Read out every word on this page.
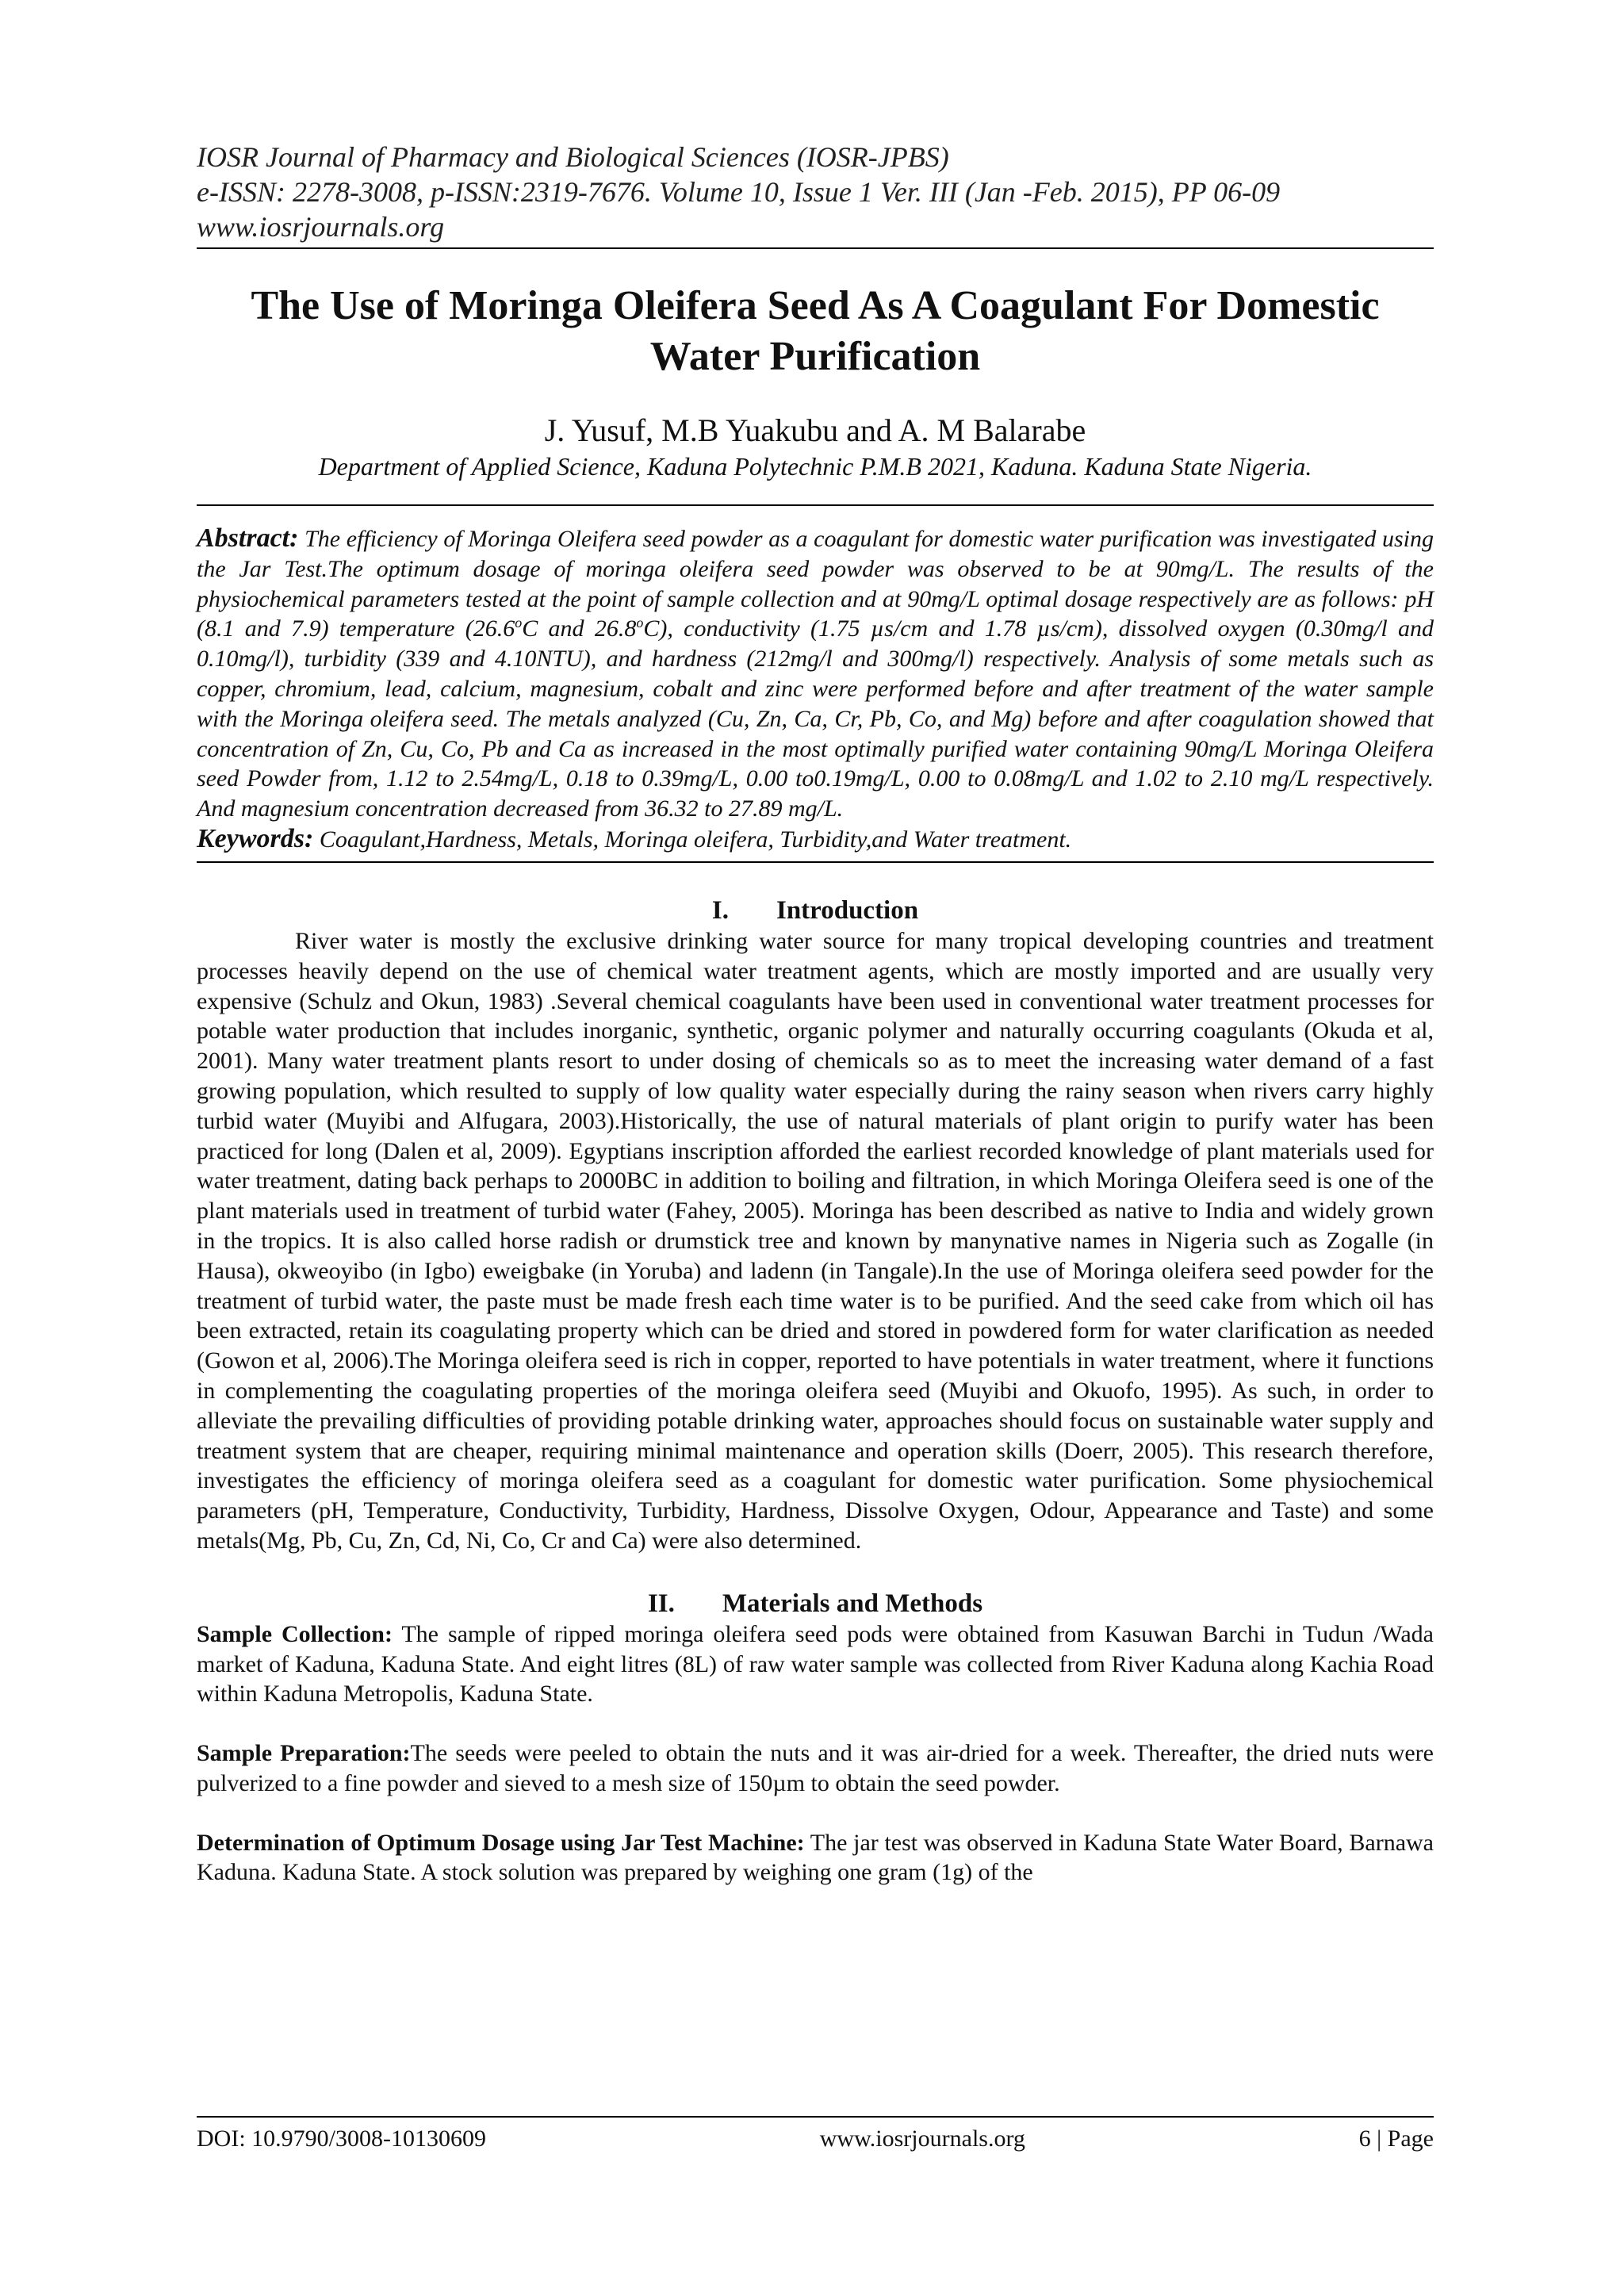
IOSR Journal of Pharmacy and Biological Sciences (IOSR-JPBS)
e-ISSN: 2278-3008, p-ISSN:2319-7676. Volume 10, Issue 1 Ver. III (Jan -Feb. 2015), PP 06-09
www.iosrjournals.org
The Use of Moringa Oleifera Seed As A Coagulant For Domestic Water Purification
J. Yusuf, M.B Yuakubu and A. M Balarabe
Department of Applied Science, Kaduna Polytechnic P.M.B 2021, Kaduna. Kaduna State Nigeria.
Abstract: The efficiency of Moringa Oleifera seed powder as a coagulant for domestic water purification was investigated using the Jar Test.The optimum dosage of moringa oleifera seed powder was observed to be at 90mg/L. The results of the physiochemical parameters tested at the point of sample collection and at 90mg/L optimal dosage respectively are as follows: pH (8.1 and 7.9) temperature (26.6$^o$C and 26.8$^o$C), conductivity (1.75 µs/cm and 1.78 µs/cm), dissolved oxygen (0.30mg/l and 0.10mg/l), turbidity (339 and 4.10NTU), and hardness (212mg/l and 300mg/l) respectively. Analysis of some metals such as copper, chromium, lead, calcium, magnesium, cobalt and zinc were performed before and after treatment of the water sample with the Moringa oleifera seed. The metals analyzed (Cu, Zn, Ca, Cr, Pb, Co, and Mg) before and after coagulation showed that concentration of Zn, Cu, Co, Pb and Ca as increased in the most optimally purified water containing 90mg/L Moringa Oleifera seed Powder from, 1.12 to 2.54mg/L, 0.18 to 0.39mg/L, 0.00 to0.19mg/L, 0.00 to 0.08mg/L and 1.02 to 2.10 mg/L respectively. And magnesium concentration decreased from 36.32 to 27.89 mg/L.
Keywords: Coagulant,Hardness, Metals, Moringa oleifera, Turbidity,and Water treatment.
I. Introduction
River water is mostly the exclusive drinking water source for many tropical developing countries and treatment processes heavily depend on the use of chemical water treatment agents, which are mostly imported and are usually very expensive (Schulz and Okun, 1983) .Several chemical coagulants have been used in conventional water treatment processes for potable water production that includes inorganic, synthetic, organic polymer and naturally occurring coagulants (Okuda et al, 2001). Many water treatment plants resort to under dosing of chemicals so as to meet the increasing water demand of a fast growing population, which resulted to supply of low quality water especially during the rainy season when rivers carry highly turbid water (Muyibi and Alfugara, 2003).Historically, the use of natural materials of plant origin to purify water has been practiced for long (Dalen et al, 2009). Egyptians inscription afforded the earliest recorded knowledge of plant materials used for water treatment, dating back perhaps to 2000BC in addition to boiling and filtration, in which Moringa Oleifera seed is one of the plant materials used in treatment of turbid water (Fahey, 2005). Moringa has been described as native to India and widely grown in the tropics. It is also called horse radish or drumstick tree and known by manynative names in Nigeria such as Zogalle (in Hausa), okweoyibo (in Igbo) eweigbake (in Yoruba) and ladenn (in Tangale).In the use of Moringa oleifera seed powder for the treatment of turbid water, the paste must be made fresh each time water is to be purified. And the seed cake from which oil has been extracted, retain its coagulating property which can be dried and stored in powdered form for water clarification as needed (Gowon et al, 2006).The Moringa oleifera seed is rich in copper, reported to have potentials in water treatment, where it functions in complementing the coagulating properties of the moringa oleifera seed (Muyibi and Okuofo, 1995). As such, in order to alleviate the prevailing difficulties of providing potable drinking water, approaches should focus on sustainable water supply and treatment system that are cheaper, requiring minimal maintenance and operation skills (Doerr, 2005). This research therefore, investigates the efficiency of moringa oleifera seed as a coagulant for domestic water purification. Some physiochemical parameters (pH, Temperature, Conductivity, Turbidity, Hardness, Dissolve Oxygen, Odour, Appearance and Taste) and some metals(Mg, Pb, Cu, Zn, Cd, Ni, Co, Cr and Ca) were also determined.
II. Materials and Methods
Sample Collection: The sample of ripped moringa oleifera seed pods were obtained from Kasuwan Barchi in Tudun /Wada market of Kaduna, Kaduna State. And eight litres (8L) of raw water sample was collected from River Kaduna along Kachia Road within Kaduna Metropolis, Kaduna State.
Sample Preparation:The seeds were peeled to obtain the nuts and it was air-dried for a week. Thereafter, the dried nuts were pulverized to a fine powder and sieved to a mesh size of 150µm to obtain the seed powder.
Determination of Optimum Dosage using Jar Test Machine: The jar test was observed in Kaduna State Water Board, Barnawa Kaduna. Kaduna State. A stock solution was prepared by weighing one gram (1g) of the
DOI: 10.9790/3008-10130609	www.iosrjournals.org	6 | Page
